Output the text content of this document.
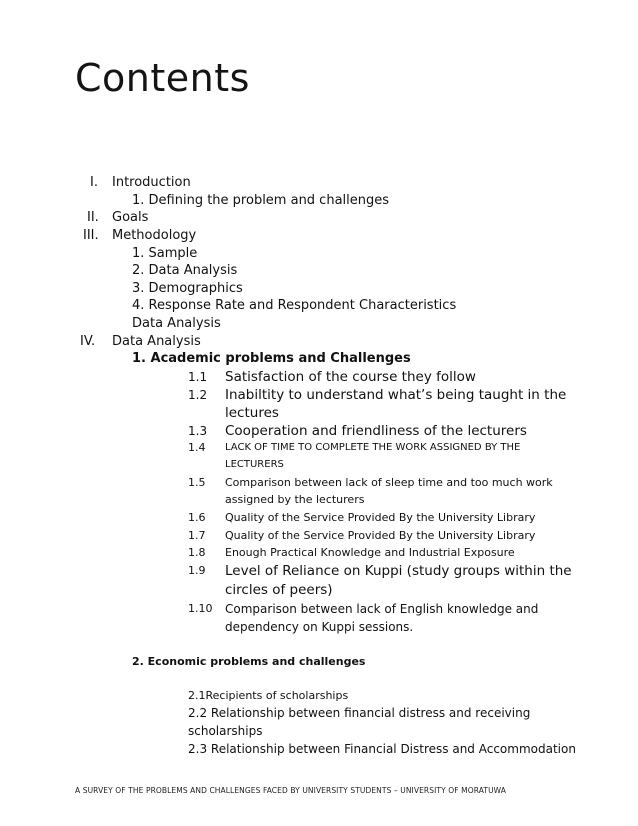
Contents
I. Introduction
1. Defining the problem and challenges
II. Goals
III. Methodology
1. Sample
2. Data Analysis
3. Demographics
4. Response Rate and Respondent Characteristics
Data Analysis
IV. Data Analysis
1. Academic problems and Challenges
1.1 Satisfaction of the course they follow
1.2 Inabiltity to understand what’s being taught in the
lectures
1.3 Cooperation and friendliness of the lecturers
1.4 LACK OF TIME TO COMPLETE THE WORK ASSIGNED BY THE
LECTURERS
1.5 Comparison between lack of sleep time and too much work
assigned by the lecturers
1.6 Quality of the Service Provided By the University Library
1.7 Quality of the Service Provided By the University Library
1.8 Enough Practical Knowledge and Industrial Exposure
1.9 Level of Reliance on Kuppi (study groups within the
circles of peers)
1.10 Comparison between lack of English knowledge and
dependency on Kuppi sessions.
2. Economic problems and challenges
2.1Recipients of scholarships
2.2 Relationship between financial distress and receiving
scholarships
2.3 Relationship between Financial Distress and Accommodation
A SURVEY OF THE PROBLEMS AND CHALLENGES FACED BY UNIVERSITY STUDENTS – UNIVERSITY OF MORATUWA
